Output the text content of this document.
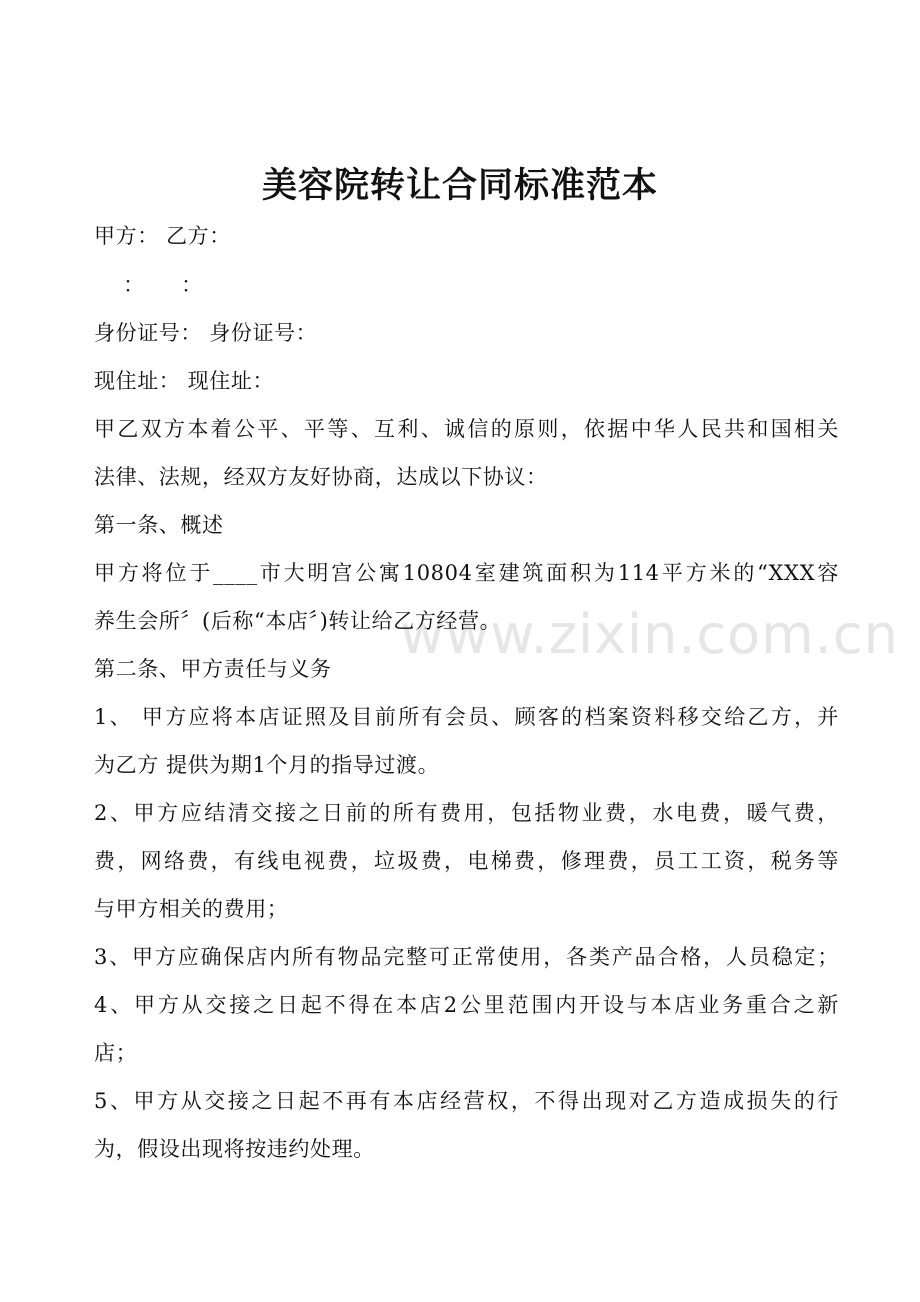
www.zixin.com.cn
美容院转让合同标准范本
甲方： 乙方：
：     ：
身份证号： 身份证号：
现住址： 现住址：
甲乙双方本着公平、平等、互利、诚信的原则，依据中华人民共和国相关
法律、法规，经双方友好协商，达成以下协议：
第一条、概述
甲方将位于____市大明宫公寓10804室建筑面积为114平方米的“XXX容
养生会所〞(后称“本店〞)转让给乙方经营。
第二条、甲方责任与义务
1、 甲方应将本店证照及目前所有会员、顾客的档案资料移交给乙方，并
为乙方 提供为期1个月的指导过渡。
2、甲方应结清交接之日前的所有费用，包括物业费，水电费，暖气费，
费，网络费，有线电视费，垃圾费，电梯费，修理费，员工工资，税务等
与甲方相关的费用；
3、甲方应确保店内所有物品完整可正常使用，各类产品合格，人员稳定；
4、甲方从交接之日起不得在本店2公里范围内开设与本店业务重合之新
店；
5、甲方从交接之日起不再有本店经营权，不得出现对乙方造成损失的行
为，假设出现将按违约处理。
